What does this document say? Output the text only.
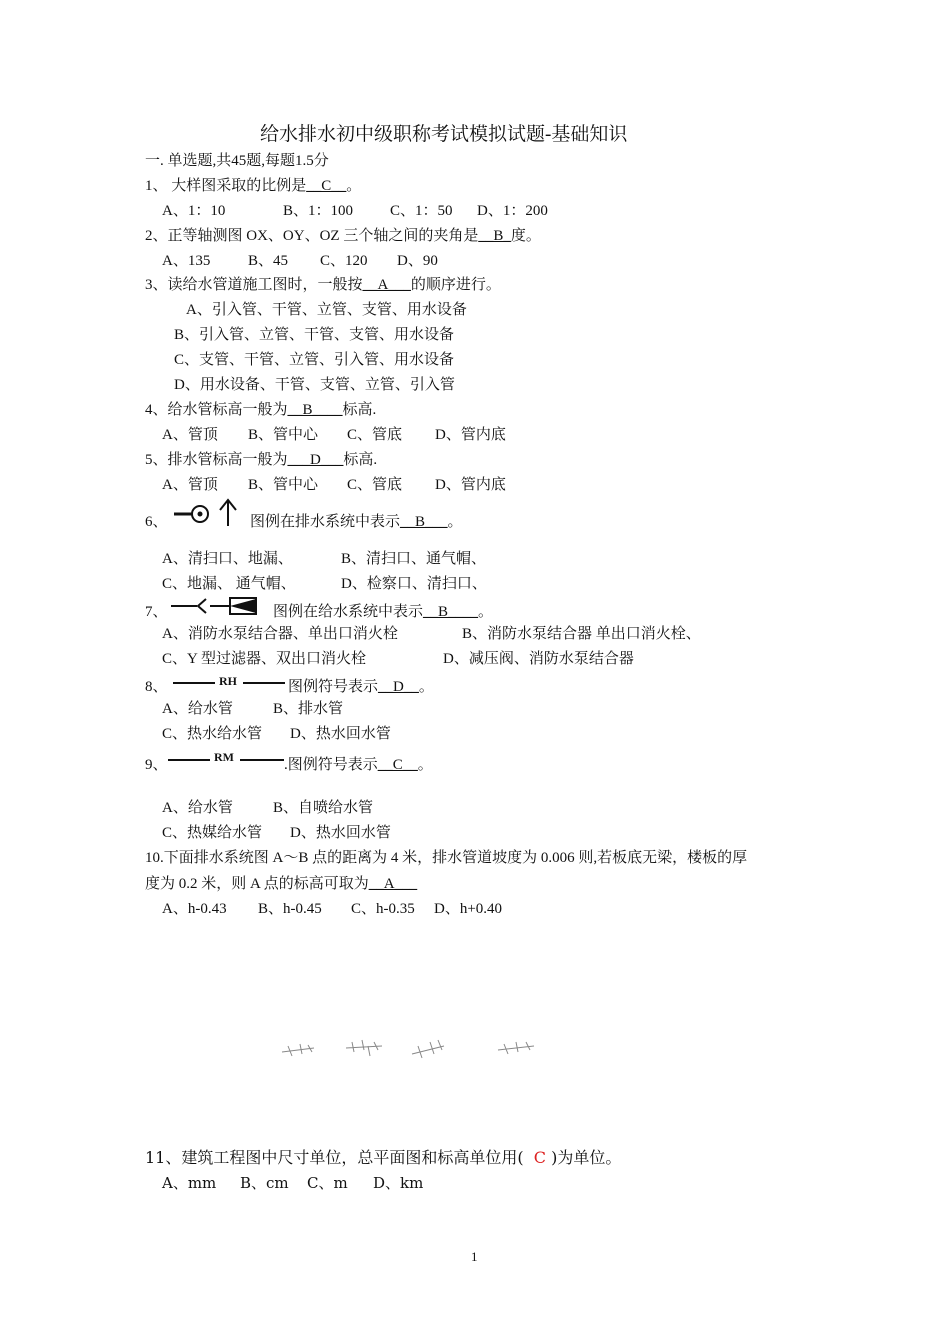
给水排水初中级职称考试模拟试题-基础知识
一. 单选题,共45题,每题1.5分
1、 大样图采取的比例是__C__。
A、1：10	B、1：100 C、1：50 D、1：200
2、正等轴测图 OX、OY、OZ 三个轴之间的夹角是__B_度。
A、135	B、45 C、120 D、90
3、读给水管道施工图时，一般按__A___的顺序进行。
A、引入管、干管、立管、支管、用水设备
B、引入管、立管、干管、支管、用水设备
C、支管、干管、立管、引入管、用水设备
D、用水设备、干管、支管、立管、引入管
4、给水管标高一般为__B____标高.
A、管顶 B、管中心 C、管底 D、管内底
5、排水管标高一般为___D___标高.
A、管顶 B、管中心 C、管底 D、管内底
6、	图例在排水系统中表示__B___。
A、清扫口、地漏、	B、清扫口、通气帽、
C、地漏、 通气帽、	D、检察口、清扫口、
7、	图例在给水系统中表示__B____。
A、消防水泵结合器、单出口消火栓	B、消防水泵结合器 单出口消火栓、
C、Y 型过滤器、双出口消火栓	D、减压阀、消防水泵结合器
8、	RH	图例符号表示__D__。
A、给水管	B、排水管
C、热水给水管 D、热水回水管
9、	RM	.图例符号表示__C__。
A、给水管	B、自喷给水管
C、热媒给水管 D、热水回水管
10.下面排水系统图 A～B 点的距离为 4 米，排水管道坡度为 0.006 则,若板底无梁，楼板的厚
度为 0.2 米，则 A 点的标高可取为__A___
A、h-0.43 B、h-0.45 C、h-0.35 D、h+0.40
11、建筑工程图中尺寸单位，总平面图和标高单位用( C )为单位。
A、mm B、cm C、m D、km
1
